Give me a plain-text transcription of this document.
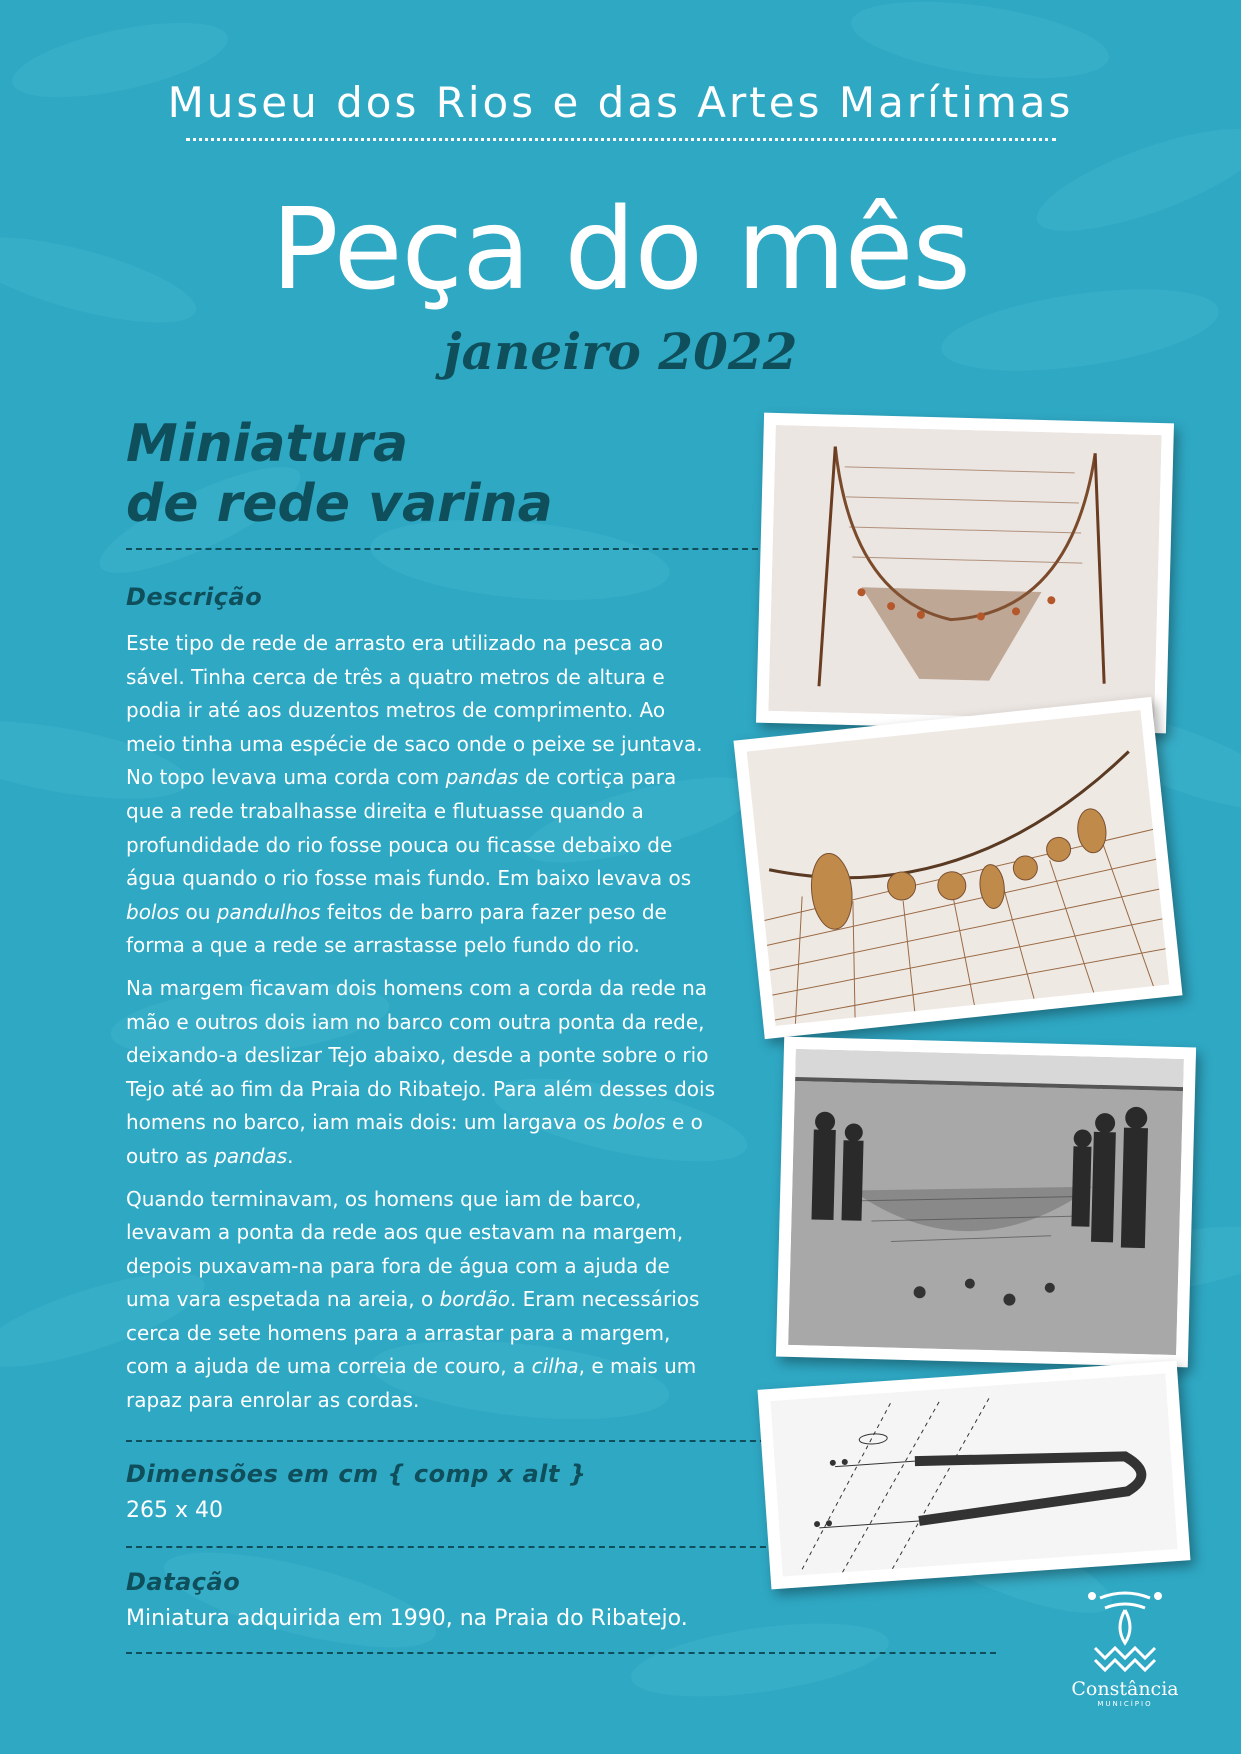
Museu dos Rios e das Artes Marítimas
Peça do mês
janeiro 2022
Miniatura
de rede varina
Descrição

Este tipo de rede de arrasto era utilizado na pesca ao sável. Tinha cerca de três a quatro metros de altura e podia ir até aos duzentos metros de comprimento. Ao meio tinha uma espécie de saco onde o peixe se juntava. No topo levava uma corda com pandas de cortiça para que a rede trabalhasse direita e flutuasse quando a profundidade do rio fosse pouca ou ficasse debaixo de água quando o rio fosse mais fundo. Em baixo levava os bolos ou pandulhos feitos de barro para fazer peso de forma a que a rede se arrastasse pelo fundo do rio.

Na margem ficavam dois homens com a corda da rede na mão e outros dois iam no barco com outra ponta da rede, deixando-a deslizar Tejo abaixo, desde a ponte sobre o rio Tejo até ao fim da Praia do Ribatejo. Para além desses dois homens no barco, iam mais dois: um largava os bolos e o outro as pandas.

Quando terminavam, os homens que iam de barco, levavam a ponta da rede aos que estavam na margem, depois puxavam-na para fora de água com a ajuda de uma vara espetada na areia, o bordão. Eram necessários cerca de sete homens para a arrastar para a margem, com a ajuda de uma correia de couro, a cilha, e mais um rapaz para enrolar as cordas.

Dimensões em cm { comp x alt }
265 x 40
Datação
Miniatura adquirida em 1990, na Praia do Ribatejo.
Constância
MUNICÍPIO
